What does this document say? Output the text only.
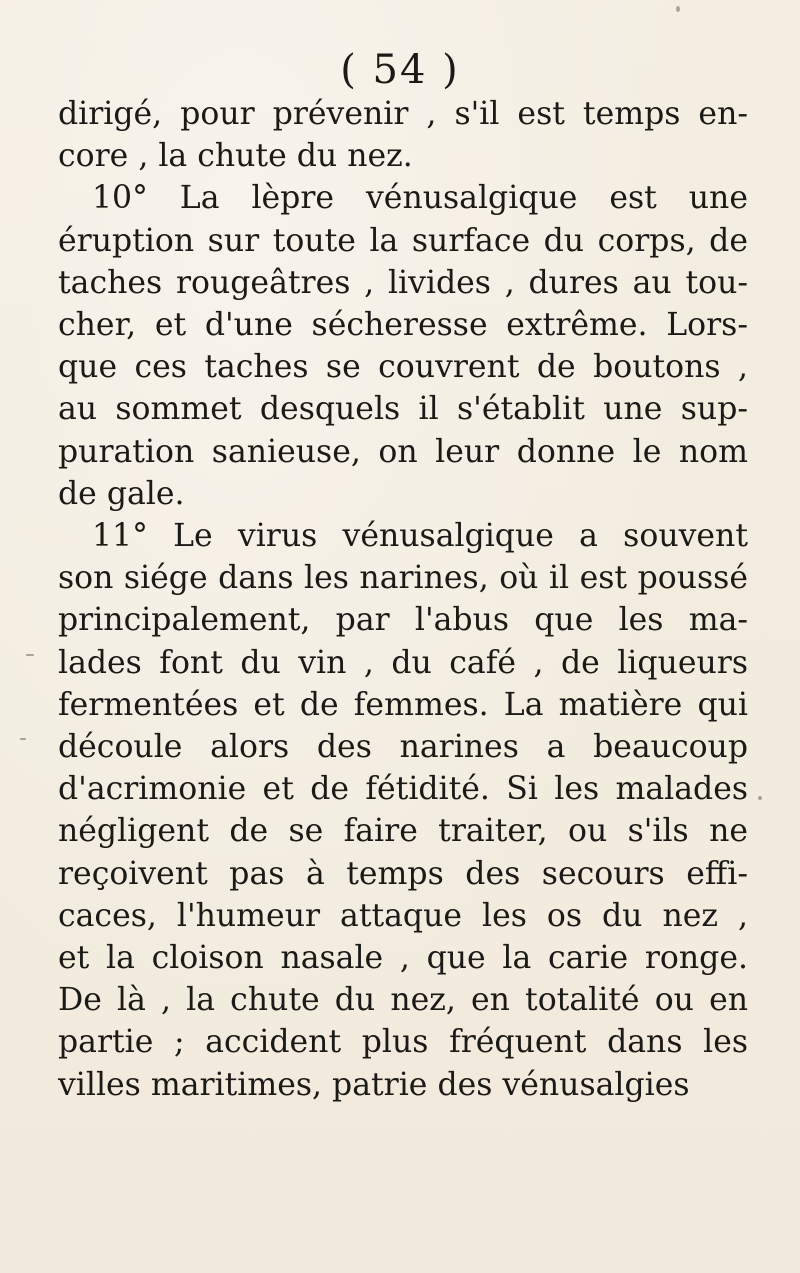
( 54 )
dirigé, pour prévenir , s'il est temps en-
core , la chute du nez.
10° La lèpre vénusalgique est une
éruption sur toute la surface du corps, de
taches rougeâtres , livides , dures au tou-
cher, et d'une sécheresse extrême. Lors-
que ces taches se couvrent de boutons ,
au sommet desquels il s'établit une sup-
puration sanieuse, on leur donne le nom
de gale.
11° Le virus vénusalgique a souvent
son siége dans les narines, où il est poussé
principalement, par l'abus que les ma-
lades font du vin , du café , de liqueurs
fermentées et de femmes. La matière qui
découle alors des narines a beaucoup
d'acrimonie et de fétidité. Si les malades
négligent de se faire traiter, ou s'ils ne
reçoivent pas à temps des secours effi-
caces, l'humeur attaque les os du nez ,
et la cloison nasale , que la carie ronge.
De là , la chute du nez, en totalité ou en
partie ; accident plus fréquent dans les
villes maritimes, patrie des vénusalgies
